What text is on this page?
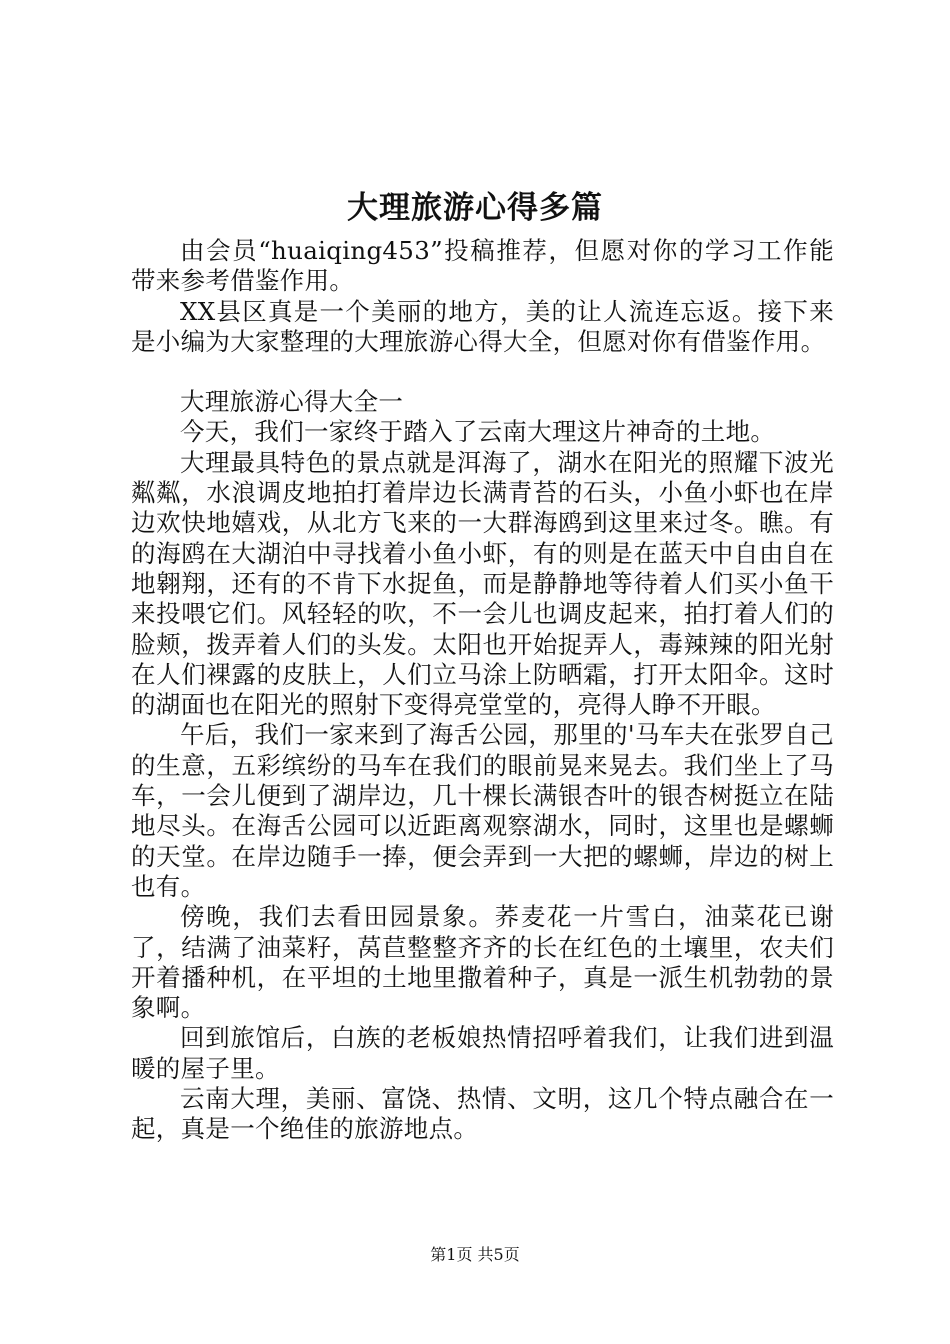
大理旅游心得多篇

由会员“huaiqing453”投稿推荐，但愿对你的学习工作能带来参考借鉴作用。

XX县区真是一个美丽的地方，美的让人流连忘返。接下来是小编为大家整理的大理旅游心得大全，但愿对你有借鉴作用。

大理旅游心得大全一

今天，我们一家终于踏入了云南大理这片神奇的土地。

大理最具特色的景点就是洱海了，湖水在阳光的照耀下波光粼粼，水浪调皮地拍打着岸边长满青苔的石头，小鱼小虾也在岸边欢快地嬉戏，从北方飞来的一大群海鸥到这里来过冬。瞧。有的海鸥在大湖泊中寻找着小鱼小虾，有的则是在蓝天中自由自在地翱翔，还有的不肯下水捉鱼，而是静静地等待着人们买小鱼干来投喂它们。风轻轻的吹，不一会儿也调皮起来，拍打着人们的脸颊，拨弄着人们的头发。太阳也开始捉弄人，毒辣辣的阳光射在人们裸露的皮肤上，人们立马涂上防晒霜，打开太阳伞。这时的湖面也在阳光的照射下变得亮堂堂的，亮得人睁不开眼。

午后，我们一家来到了海舌公园，那里的'马车夫在张罗自己的生意，五彩缤纷的马车在我们的眼前晃来晃去。我们坐上了马车，一会儿便到了湖岸边，几十棵长满银杏叶的银杏树挺立在陆地尽头。在海舌公园可以近距离观察湖水，同时，这里也是螺蛳的天堂。在岸边随手一捧，便会弄到一大把的螺蛳，岸边的树上也有。

傍晚，我们去看田园景象。荞麦花一片雪白，油菜花已谢了，结满了油菜籽，莴苣整整齐齐的长在红色的土壤里，农夫们开着播种机，在平坦的土地里撒着种子，真是一派生机勃勃的景象啊。

回到旅馆后，白族的老板娘热情招呼着我们，让我们进到温暖的屋子里。

云南大理，美丽、富饶、热情、文明，这几个特点融合在一起，真是一个绝佳的旅游地点。

第1页 共5页
